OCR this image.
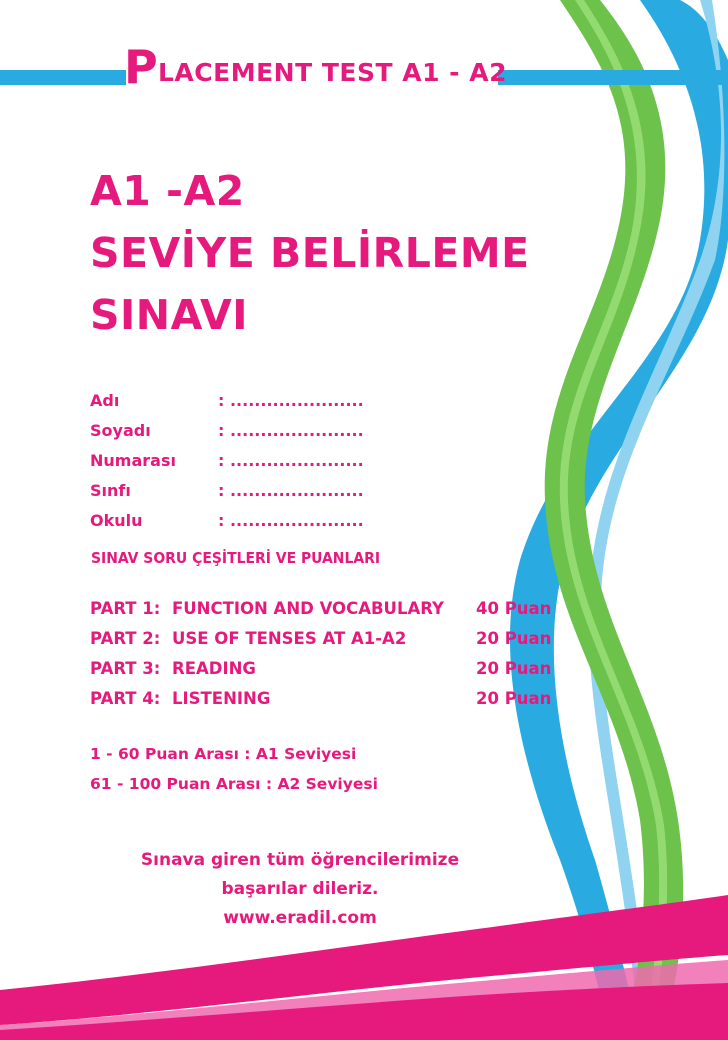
P LACEMENT TEST A1 - A2
A1 -A2
SEVİYE BELİRLEME
SINAVI
Adı	: ......................
Soyadı	: ......................
Numarası	: ......................
Sınfı	: ......................
Okulu	: ......................
SINAV SORU ÇEŞİTLERİ VE PUANLARI
PART 1: FUNCTION AND VOCABULARY 40 Puan
PART 2: USE OF TENSES AT A1-A2	20 Puan
PART 3: READING	20 Puan
PART 4: LISTENING	20 Puan
1 - 60 Puan Arası : A1 Seviyesi
61 - 100 Puan Arası : A2 Seviyesi
Sınava giren tüm öğrencilerimize
başarılar dileriz.
www.eradil.com
